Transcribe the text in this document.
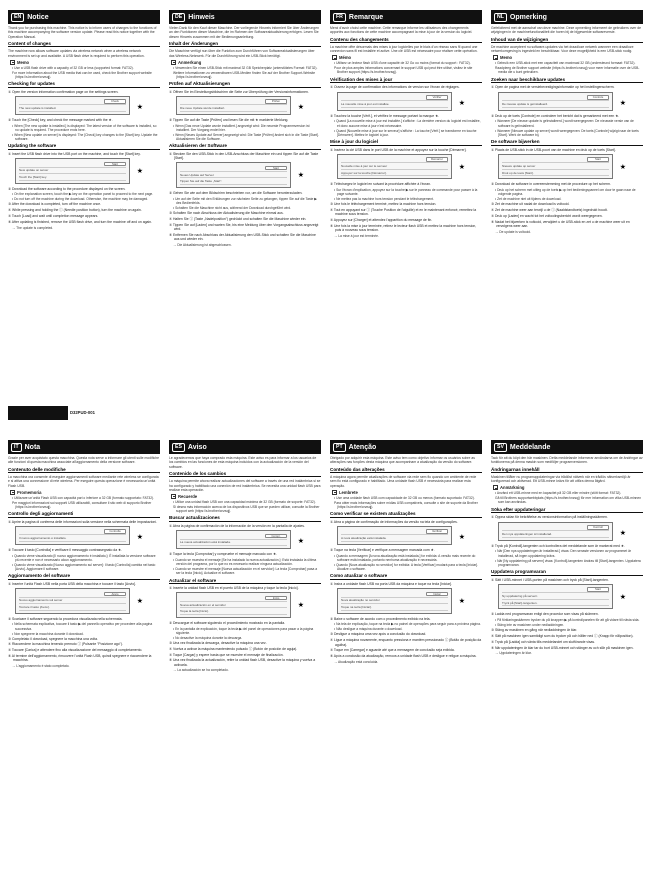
EN Notice
Thank you for purchasing this machine. This notice is to inform users of changes to the functions of this machine accompanying the software version update. Please read this notice together with the Operation Manual.
Content of changes
The machine now allows software updates via wireless network when a wireless network environment is set up and available. A USB flash drive is required to perform this operation.
Memo
• Use a USB flash drive with a capacity of 32 GB or less (supported format: FAT32).
For more information about the USB media that can be used, check the Brother support website (https://s.brother/cnzsqj).
Checking for updates
① Open the version information confirmation page on the settings screen.
Check
The new update is installed.	★
② Touch the [Check] key, and check the message marked with the ★.
• When [The new update is installed.] is displayed: The latest version of the software is installed, so no update is required. The procedure ends here.
• When [New update on server] is displayed: The [Check] key changes to the [Start] key. Update the software.
Updating the software
① Insert the USB flash drive into the USB port on the machine, and touch the [Start] key.
Start
New update on server
Touch the [Start] key.
★
② Download the software according to the procedure displayed on the screen.
• On the explanation screen, touch the ▶ key on the operation panel to proceed to the next page.
• Do not turn off the machine during the download. Otherwise, the machine may be damaged.
③ After the download is completed, turn off the machine once.
④ While pressing and holding the ⓘ (Needle position button), turn the machine on again.
⑤ Touch [Load] and wait until completion message appears.
⑥ After updating is finished, remove the USB flash drive, and turn the machine off and on again.
→ The update is completed.
DE Hinweis
Vielen Dank für den Kauf dieser Maschine. Der vorliegende Hinweis informiert Sie über Änderungen an den Funktionen dieser Maschine, die im Rahmen der Softwareaktualisierung erfolgen. Lesen Sie diesen Hinweis zusammen mit der Bedienungsanleitung.
Inhalt der Änderungen
Die Maschine verfügt nun über die Funktion zum Durchführen von Softwareaktualisierungen über das Wireless-Netzwerk. Für die Durchführung wird ein USB-Stick benötigt.
Anmerkung
• Verwenden Sie einen USB-Stick mit maximal 32 GB Speicherplatz (unterstütztes Format: FAT32).
Weitere Informationen zu verwendbaren USB-Medien finden Sie auf der Brother Support-Website (https://s.brother/cnzsqj).
Prüfen auf Aktualisierungen
① Öffnen Sie im Einstellungsbildschirm die Seite zur Überprüfung der Versionsinformationen.
Prüfen
Die neue Update wurde installiert.	★
② Tippen Sie auf die Taste [Prüfen] und lesen Sie die mit ★ markierte Meldung.
• Wenn [Das neue Update wurde installiert.] angezeigt wird: Die neueste Programmversion ist installiert. Der Vorgang endet hier.
• Wenn [Neues Update auf Server] angezeigt wird: Die Taste [Prüfen] ändert sich in die Taste [Start]. Aktualisieren Sie die Software.
Aktualisieren der Software
① Stecken Sie den USB-Stick in den USB-Anschluss der Maschine ein und tippen Sie auf die Taste [Start].
Start
Neues Update auf Server
Tippen Sie auf die Taste „Start".
★
② Gehen Sie wie auf dem Bildschirm beschrieben vor, um die Software herunterzuladen.
• Um auf der Seite mit den Erklärungen zur nächsten Seite zu gelangen, tippen Sie auf die Taste ▶ des Bedienfelds.
• Schalten Sie die Maschine nicht aus, während der Download durchgeführt wird.
③ Schalten Sie nach Abschluss der Aktualisierung die Maschine einmal aus.
④ Halten Sie ⓘ (Taste „Nadelposition") gedrückt und schalten Sie die Maschine wieder ein.
⑤ Tippen Sie auf [Laden] und warten Sie, bis eine Meldung über den Vorgangsabschluss angezeigt wird.
⑥ Entfernen Sie nach Abschluss der Aktualisierung den USB-Stick und schalten Sie die Maschine aus und wieder ein.
→ Die Aktualisierung ist abgeschlossen.
FR Remarque
Merci d'avoir choisi cette machine. Cette remarque informe les utilisateurs des changements apportés aux fonctions de cette machine accompagnant la mise à jour de la version du logiciel.
Contenu des changements
La machine offre désormais des mises à jour logicielles par le biais d'un réseau sans fil quand une connexion sans fil est installée et active. Une clé USB est nécessaire pour réaliser cette opération.
Mémo
• Utilisez un lecteur flash USB d'une capacité de 32 Go ou moins (format du support : FAT32).
Pour de plus amples informations concernant le support USB qui peut être utilisé, visitez le site Brother support (https://s.brother/cnzsqj).
Vérification des mises à jour
① Ouvrez la page de confirmation des informations de version sur l'écran de réglages.
Vérifier
La nouvelle mise à jour est installée.	★
② Touchez la touche [Vérif.], et vérifiez le message portant la marque ★.
• Quand [La nouvelle mise à jour est installée.] s'affiche : La dernière version du logiciel est installée, et donc aucune mise à jour n'est nécessaire.
• Quand [Nouvelle mise à jour sur le serveur] s'affiche : La touche [Vérif.] se transforme en touche [Démarrer]. Mettez le logiciel à jour.
Mise à jour du logiciel
① Insérez la clé USB dans le port USB de la machine et appuyez sur la touche [Démarrer].
Démarrer
Nouvelle mise à jour sur le serveur
Appuyez sur la touche [Démarrer].
★
② Téléchargez le logiciel en suivant la procédure affichée à l'écran.
• Sur l'écran d'explication, appuyez sur la touche ▶ sur le panneau de commande pour passer à la page suivante.
• Ne mettez pas la machine hors tension pendant le téléchargement.
③ Une fois le téléchargement terminé, mettez la machine hors tension.
④ Tout en appuyant sur ⓘ (Touche Position de l'aiguille) et en le maintenant enfoncé, remettez la machine sous tension.
⑤ Appuyez sur [Charger] et attendez l'apparition du message de fin.
⑥ Une fois la mise à jour terminée, retirez le lecteur flash USB et mettez la machine hors tension, puis à nouveau sous tension.
→ La mise à jour est terminée.
NL Opmerking
Gefeliciteerd met de aanschaf van deze machine. Deze opmerking informeert de gebruikers over de wijzigingen in de machinefunctionaliteit die horen bij de bijgewerkte softwareversie.
Inhoud van de wijzigingen
De machine accepteert nu software-updates via het draadloze netwerk wanneer een draadloze netwerkomgeving is ingesteld en beschikbaar. Voor deze mogelijkheid is een USB-stick nodig.
Memo
• Gebruik een USB-stick met een capaciteit van maximaal 32 GB (ondersteund formaat: FAT32).
Raadpleeg de Brother support website (https://s.brother/cnzsqj) voor meer informatie over de USB-media die u kunt gebruiken.
Zoeken naar beschikbare updates
① Open de pagina met de versiebevestigingsinformatie op het instellingenscherm.
Controle
De nieuwe update is geïnstalleerd.	★
② Druk op de toets [Controle] en controleer het bericht dat is gemarkeerd met een ★.
• Wanneer [De nieuwe update is geïnstalleerd.] wordt weergegeven: De nieuwste versie van de software is geïnstalleerd.
• Wanneer [Nieuwe update op server] wordt weergegeven: De toets [Controle] wijzigt naar de toets [Start]. Werk de software bij.
De software bijwerken
① Plaats de USB-stick in de USB-poort van de machine en druk op de toets [Start].
Start
Nieuwe update op server
Druk op de toets [Start].
★
② Download de software in overeenstemming met de procedure op het scherm.
• Druk op het scherm met uitleg op de toets ▶ op het bedieningspaneel om door te gaan naar de volgende pagina.
• Zet de machine niet uit tijdens de download.
③ Zet de machine uit nadat de download is voltooid.
④ Zet de machine weer aan terwijl u de ⓘ (Naaldstandtoets) ingedrukt houdt.
⑤ Druk op [Laden] en wacht tot het voltooiingsbericht wordt weergegeven.
⑥ Nadat het bijwerken is voltooid, verwijdert u de USB-stick en zet u de machine weer uit en vervolgens weer aan.
→ De update is voltooid.
D32PUD-001
IT Nota
Grazie per aver acquistato questa macchina. Questa nota serve a informare gli utenti sulle modifiche alle funzioni di questa macchina associate all'aggiornamento della versione software.
Contenuto delle modifiche
La macchina ora consente di eseguire aggiornamenti software mediante rete wireless se configurata e si attiva una connessione di rete wireless. Per eseguire questa operazione è necessaria un'unità Flash USB.
Promemoria
• Utilizzare un'unità Flash USB con capacità pari o inferiore a 32 GB (formato supportato: FAT32).
Per maggiori informazioni sui supporti USB utilizzabili, consultare il sito web di supporto Brother (https://s.brother/cnzsqj).
Controllo degli aggiornamenti
① Aprire la pagina di conferma delle informazioni sulla versione nella schermata delle impostazioni.
Controlla
Il nuovo aggiornamento è installato.	★
② Toccare il tasto [Controlla] e verificare il messaggio contrassegnato da ★.
• Quando viene visualizzato [Il nuovo aggiornamento è installato.]: È installata la versione software più recente e non è necessario alcun aggiornamento.
• Quando viene visualizzato [Nuovo aggiornamento sul server]: Il tasto [Controlla] cambia nel tasto [Avvio]. Aggiornare il software.
Aggiornamento del software
① Inserire l'unità Flash USB nella porta USB della macchina e toccare il tasto [Avvio].
Avvio
Nuovo aggiornamento sul server
Toccare il tasto [Avvio].
★
② Scaricare il software seguendo la procedura visualizzata nella schermata.
• Nella schermata esplicativa, toccare il tasto ▶ del pannello operativo per procedere alla pagina successiva.
• Non spegnere la macchina durante il download.
③ Completato il download, spegnere la macchina una volta.
④ Riaccendere la macchina tenendo premuto ⓘ (Pulsante "Posizione ago").
⑤ Toccare [Carica] e attendere fino alla visualizzazione del messaggio di completamento.
⑥ Al termine dell'aggiornamento, rimuovere l'unità Flash USB, quindi spegnere e riaccendere la macchina.
→ L'aggiornamento è stato completato.
ES Aviso
Le agradecemos que haya comprado esta máquina. Este aviso es para informar a los usuarios de los cambios en las funciones de esta máquina incluidos con la actualización de la versión del software.
Contenido de los cambios
La máquina permite ahora realizar actualizaciones del software a través de una red inalámbrica si se ha configurado y habilitado una conexión de red inalámbrica. Se necesita una unidad flash USB para realizar esta operación.
Recuerde
• Utilice una unidad flash USB con una capacidad máxima de 32 GB (formato de soporte: FAT32).
Si desea más información acerca de los dispositivos USB que se pueden utilizar, consulte la Brother support web (https://s.brother/cnzsqj).
Buscar actualizaciones
① Abra la página de confirmación de la información de la versión en la pantalla de ajustes.
Compr.
La nueva actualización está instalada.	★
② Toque la tecla [Comprobar] y compruebe el mensaje marcado con ★.
• Cuando se muestra el mensaje [Se ha instalado la nueva actualización.]: Está instalada la última versión del programa, por lo que no es necesario realizar ninguna actualización.
• Cuando se muestre el mensaje [Nueva actualización en el servidor]: La tecla [Comprobar] pasa a ser la tecla [Inicio]. Actualice el software.
Actualizar el software
① Inserte la unidad flash USB en el puerto USB de la máquina y toque la tecla [Inicio].
Inicio
Nueva actualización en el servidor
Toque la tecla [Inicio].
★
② Descargue el software siguiendo el procedimiento mostrado en la pantalla.
• En la pantalla de explicación, toque la tecla ▶ del panel de operaciones para pasar a la página siguiente.
• No desactive la máquina durante la descarga.
③ Una vez finalizada la descarga, desactive la máquina una vez.
④ Vuelva a activar la máquina manteniendo pulsado ⓘ (Botón de posición de aguja).
⑤ Toque [Cargar] y espere hasta que se muestre el mensaje de finalización.
⑥ Una vez finalizada la actualización, retire la unidad flash USB, desactive la máquina y vuelva a activarla.
→ La actualización se ha completado.
PT Atenção
Obrigado por adquirir esta máquina. Este aviso tem como objetivo informar os usuários sobre as alterações nas funções desta máquina que acompanham a atualização da versão do software.
Conteúdo das alterações
A máquina agora permite atualizações de software via rede sem fio quando um ambiente de rede sem fio está configurado e habilitado. Uma unidade flash USB é necessária para realizar esta operação.
Lembrete
• Use uma unidade flash USB com capacidade de 32 GB ou menos (formato suportado: FAT32).
Para obter mais informações sobre mídias USB compatíveis, consulte o site de suporte da Brother (https://s.brother/cnzsqj).
Como verificar se existem atualizações
① Abra a página de confirmação de informações da versão na tela de configurações.
Verificar
A nova atualização está instalada.	★
② Toque na tecla [Verificar] e verifique a mensagem marcada com ★.
• Quando a mensagem [A nova atualização está instalada.] for exibida: A versão mais recente do software está instalada, portanto nenhuma atualização é necessária.
• Quando [Nova atualização no servidor] for exibida: A tecla [Verificar] mudará para a tecla [Iniciar]. Atualize o software.
Como atualizar o software
① Insira a unidade flash USB na porta USB da máquina e toque na tecla [Iniciar].
Iniciar
Nova atualização no servidor
Toque na tecla [Iniciar].
★
② Baixe o software de acordo com o procedimento exibido na tela.
• Na tela de explicação, toque na tecla ▶ no painel de operações para seguir para a próxima página.
• Não desligue a máquina durante o download.
③ Desligue a máquina uma vez após a conclusão do download.
④ Ligue a máquina novamente, enquanto pressiona e mantém pressionado ⓘ (Botão de posição da agulha).
⑤ Toque em [Carregar] e aguarde até que a mensagem de conclusão seja exibida.
⑥ Após a conclusão da atualização, remova a unidade flash USB e desligue e religue a máquina.
→ Atualização está concluída.
SV Meddelande
Tack för att du köpt den här maskinen. Detta meddelande informerar användarna om de ändringar av funktionerna på denna maskin som medföljer programversionen.
Ändringarnas innehåll
Maskinen tillåter nu programuppdateringar via trådlöst nätverk när en trådlös nätverksmiljö är konfigurerad och aktiverad. Ett USB-minne krävs för att utföra denna åtgärd.
Anmärkning
• Använd ett USB-minne med en kapacitet på 32 GB eller mindre (stött format: FAT32).
Gå till Brothers supportwebbplats (https://s.brother/cnzsqj) för mer information om vilka USB-minnen som kan användas.
Söka efter uppdateringar
① Öppna sidan för bekräftelse av versionsinformation på inställningsskärmen.
Kontroll
Den nya uppdateringen är installerad.	★
② Tryck på [Kontroll]-tangenten och kontrollera det meddelande som är markerat med ★.
• När [Den nya uppdateringen är installerad.] visas: Den senaste versionen av programmet är installerad, så ingen uppdatering krävs.
• När [Ny uppdatering på servern] visas: [Kontroll]-tangenten ändras till [Start]-tangenten. Uppdatera programvaran.
Uppdatera programvaran
① Sätt i USB-minnet i USB-porten på maskinen och tryck på [Start]-tangenten.
Start
Ny uppdatering på servern
Tryck på [Start]-tangenten.
★
② Ladda ned programvaran enligt den procedur som visas på skärmen.
• På förklaringsskärmen trycker du på knappen ▶ på kontrollpanelen för att gå vidare till nästa sida.
• Stäng inte av maskinen under nedladdningen.
③ Stäng av maskinen en gång när nedladdningen är klar.
④ Sätt på maskinen igen samtidigt som du trycker på och håller ned ⓘ (Knapp för nålposition).
⑤ Tryck på [Ladda] och vänta tills meddelandet om slutförande visas.
⑥ När uppdateringen är klar tar du bort USB-minnet och stänger av och slår på maskinen igen.
→ Uppdateringen är klar.
